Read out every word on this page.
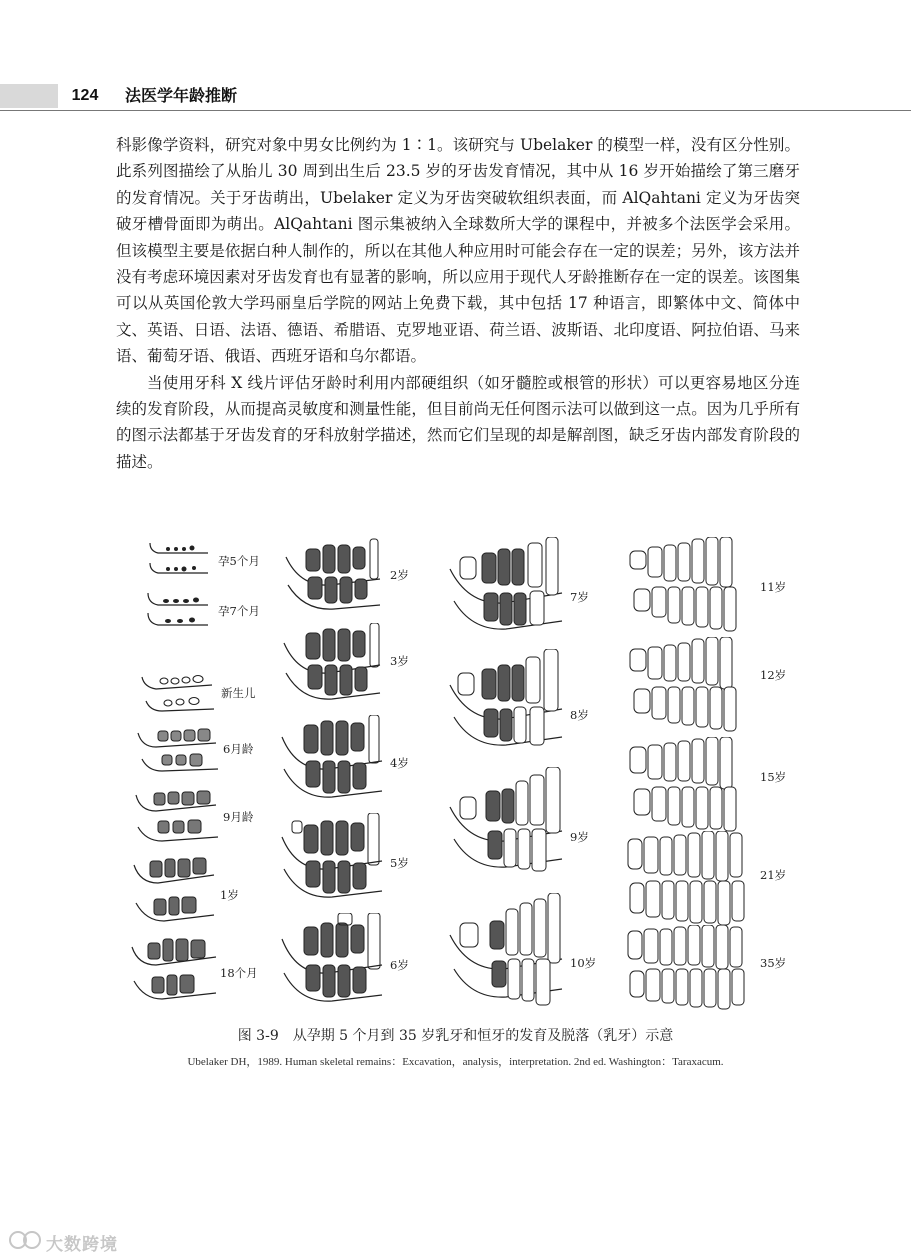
124	法医学年龄推断

科影像学资料，研究对象中男女比例约为 1∶1。该研究与 Ubelaker 的模型一样，没有区分性别。此系列图描绘了从胎儿 30 周到出生后 23.5 岁的牙齿发育情况，其中从 16 岁开始描绘了第三磨牙的发育情况。关于牙齿萌出，Ubelaker 定义为牙齿突破软组织表面，而 AlQahtani 定义为牙齿突破牙槽骨面即为萌出。AlQahtani 图示集被纳入全球数所大学的课程中，并被多个法医学会采用。但该模型主要是依据白种人制作的，所以在其他人种应用时可能会存在一定的误差；另外，该方法并没有考虑环境因素对牙齿发育也有显著的影响，所以应用于现代人牙龄推断存在一定的误差。该图集可以从英国伦敦大学玛丽皇后学院的网站上免费下载，其中包括 17 种语言，即繁体中文、简体中文、英语、日语、法语、德语、希腊语、克罗地亚语、荷兰语、波斯语、北印度语、阿拉伯语、马来语、葡萄牙语、俄语、西班牙语和乌尔都语。

当使用牙科 X 线片评估牙龄时利用内部硬组织（如牙髓腔或根管的形状）可以更容易地区分连续的发育阶段，从而提高灵敏度和测量性能，但目前尚无任何图示法可以做到这一点。因为几乎所有的图示法都基于牙齿发育的牙科放射学描述，然而它们呈现的却是解剖图，缺乏牙齿内部发育阶段的描述。

孕5个月
孕7个月
新生儿
6月龄
9月龄
1岁
18个月
2岁
3岁
4岁
5岁
6岁
7岁
8岁
9岁
10岁
11岁
12岁
15岁
21岁
35岁
图 3-9　从孕期 5 个月到 35 岁乳牙和恒牙的发育及脱落（乳牙）示意
Ubelaker DH，1989. Human skeletal remains：Excavation，analysis，interpretation. 2nd ed. Washington：Taraxacum.
大数跨境
